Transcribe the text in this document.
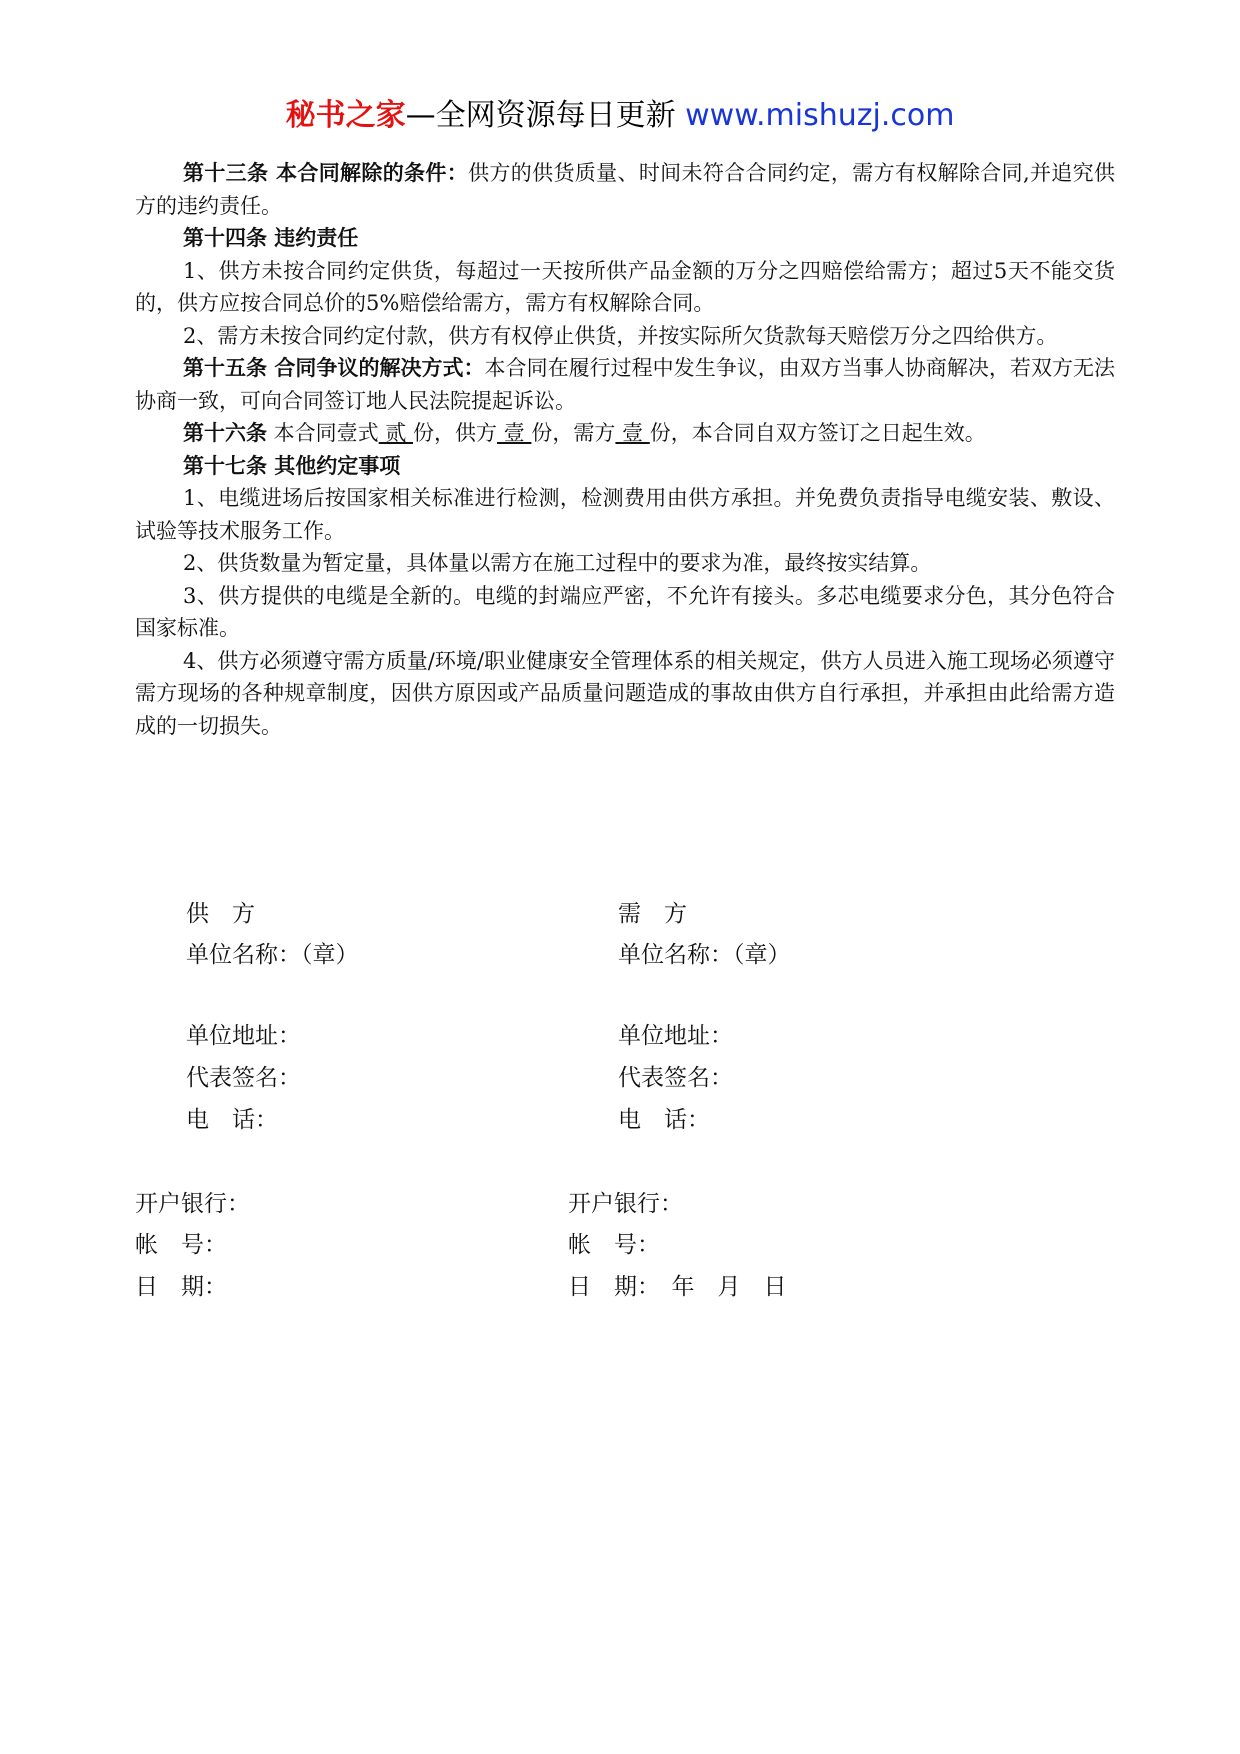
秘书之家—全网资源每日更新 www.mishuzj.com

第十三条 本合同解除的条件：供方的供货质量、时间未符合合同约定，需方有权解除合同,并追究供方的违约责任。

第十四条 违约责任

1、供方未按合同约定供货，每超过一天按所供产品金额的万分之四赔偿给需方；超过5天不能交货的，供方应按合同总价的5%赔偿给需方，需方有权解除合同。

2、需方未按合同约定付款，供方有权停止供货，并按实际所欠货款每天赔偿万分之四给供方。

第十五条 合同争议的解决方式：本合同在履行过程中发生争议，由双方当事人协商解决，若双方无法协商一致，可向合同签订地人民法院提起诉讼。

第十六条 本合同壹式 贰 份，供方 壹 份，需方 壹 份，本合同自双方签订之日起生效。

第十七条 其他约定事项

1、电缆进场后按国家相关标准进行检测，检测费用由供方承担。并免费负责指导电缆安装、敷设、试验等技术服务工作。

2、供货数量为暂定量，具体量以需方在施工过程中的要求为准，最终按实结算。

3、供方提供的电缆是全新的。电缆的封端应严密，不允许有接头。多芯电缆要求分色，其分色符合国家标准。

4、供方必须遵守需方质量/环境/职业健康安全管理体系的相关规定，供方人员进入施工现场必须遵守需方现场的各种规章制度，因供方原因或产品质量问题造成的事故由供方自行承担，并承担由此给需方造成的一切损失。

供　方
单位名称：（章）
单位地址：
代表签名：
电　话：
开户银行：
帐　号：
日　期：
需　方
单位名称：（章）
单位地址：
代表签名：
电　话：
开户银行：
帐　号：
日　期：　年　月　日
